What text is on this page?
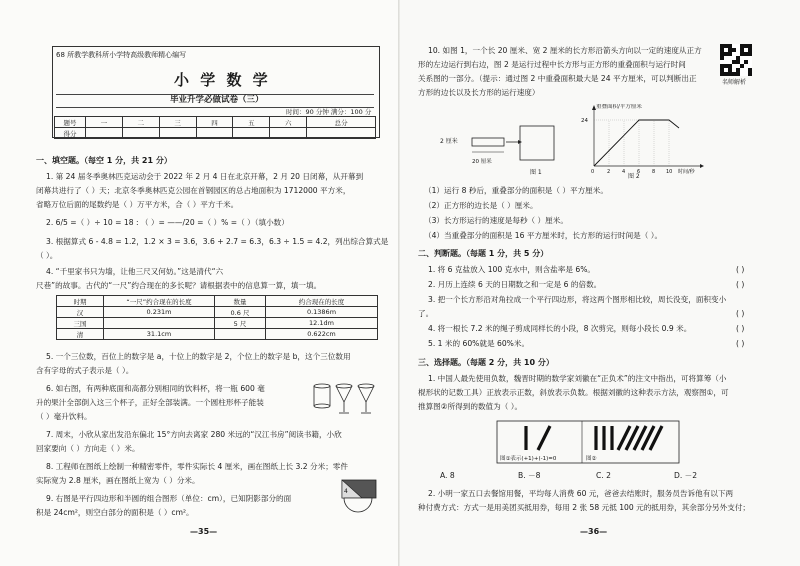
68 所教学教科所小学特高级教师精心编写
小 学 数 学
毕业升学必做试卷（三）
时间：90 分钟 满分：100 分
题号	一	二	三	四	五	六	总分
得分							
一、填空题。（每空 1 分，共 21 分）
1. 第 24 届冬季奥林匹克运动会于 2022 年 2 月 4 日在北京开幕，2 月 20 日闭幕，从开幕到
闭幕共进行了（ ）天；北京冬季奥林匹克公园在首钢园区的总占地面积为 1712000 平方米，
省略万位后面的尾数约是（ ）万平方米，合（ ）平方千米。
2. 6/5 =（ ）÷ 10 = 18 : （ ）= ——/20 =（ ）% =（ ）（填小数）
3. 根据算式 6 - 4.8 = 1.2，1.2 × 3 = 3.6，3.6 + 2.7 = 6.3，6.3 ÷ 1.5 = 4.2，列出综合算式是
（ ）。
4. “千里家书只为墙，让他三尺又何妨。”这是清代“六
尺巷”的故事。古代的“一尺”约合现在的多长呢？请根据表中的信息算一算，填一填。
时期	“一尺”约合现在的长度	数量	约合现在的长度
汉	0.231m	0.6 尺	0.1386m
三国		5 尺	12.1dm
清	31.1cm		0.622cm
5. 一个三位数，百位上的数字是 a，十位上的数字是 2，个位上的数字是 b，这个三位数用
含有字母的式子表示是（ ）。
6. 如右图，有两种底面和高都分别相同的饮料杯，将一瓶 600 毫
升的果汁全部倒入这三个杯子，正好全部装满。一个圆柱形杯子能装
（ ）毫升饮料。
7. 周末，小欣从家出发沿东偏北 15°方向去离家 280 米远的“汉江书房”阅读书籍，小欣
回家要向（ ）方向走（ ）米。
8. 工程师在图纸上绘制一种精密零件，零件实际长 4 厘米，画在图纸上长 3.2 分米；零件
实际宽为 2.8 厘米，画在图纸上宽为（ ）分米。
9. 右图是平行四边形和半圆的组合图形（单位：cm），已知阴影部分的面
积是 24cm²，则空白部分的面积是（ ）cm²。
4
—35—
10. 如图 1，一个长 20 厘米、宽 2 厘米的长方形沿箭头方向以一定的速度从正方
形的左边运行到右边，图 2 是运行过程中长方形与正方形的重叠面积与运行时间
关系图的一部分。（提示：通过图 2 中重叠面积最大是 24 平方厘米，可以判断出正
方形的边长以及长方形的运行速度）
名师解析
20 厘米
图 1
2 厘米
重叠面积/平方厘米
24
0	2 4 6 8 10 时间/秒
图 2
（1）运行 8 秒后，重叠部分的面积是（ ）平方厘米。
（2）正方形的边长是（ ）厘米。
（3）长方形运行的速度是每秒（ ）厘米。
（4）当重叠部分的面积是 16 平方厘米时，长方形的运行时间是（ ）。
二、判断题。（每题 1 分，共 5 分）
1. 将 6 克盐放入 100 克水中，则含盐率是 6%。	( )
2. 月历上连续 6 天的日期数之和一定是 6 的倍数。	( )
3. 把一个长方形沿对角拉成一个平行四边形，将这两个图形相比较，周长没变，面积变小
了。	( )
4. 将一根长 7.2 米的绳子剪成同样长的小段，8 次剪完，则每小段长 0.9 米。	( )
5. 1 米的 60%就是 60%米。	( )
三、选择题。（每题 2 分，共 10 分）
1. 中国人最先使用负数，魏晋时期的数学家刘徽在“正负术”的注文中指出，可将算筹（小
棍形状的记数工具）正放表示正数，斜放表示负数。根据刘徽的这种表示方法，观察图①，可
推算图②所得到的数值为（ ）。
图①表示(+1)+(-1)=0	图②
A. 8	B. －8	C. 2	D. －2
2. 小明一家五口去餐馆用餐，平均每人消费 60 元，爸爸去结账时，服务员告诉他有以下两
种付费方式：方式一是用美团买抵用券，每用 2 张 58 元抵 100 元的抵用券，其余部分另外支付；
—36—
